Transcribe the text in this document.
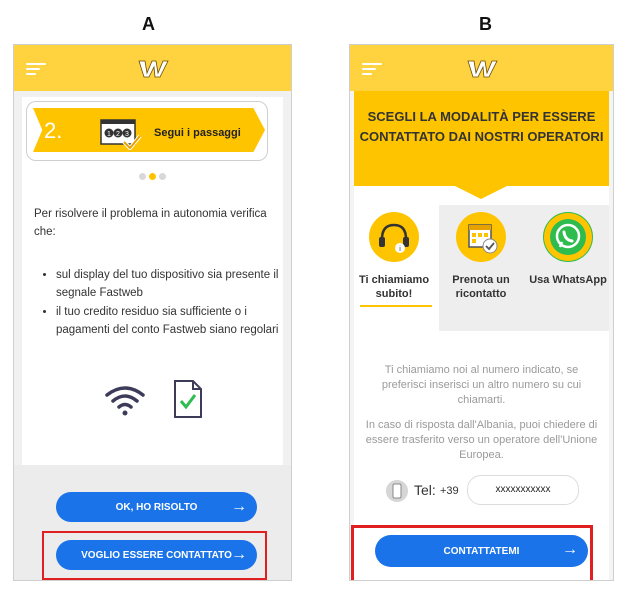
A	B
2.	1 2 3 Segui i passaggi
Per risolvere il problema in autonomia verifica che:
• sul display del tuo dispositivo sia presente il segnale Fastweb
• il tuo credito residuo sia sufficiente o i pagamenti del conto Fastweb siano regolari
OK, HO RISOLTO →
VOGLIO ESSERE CONTATTATO →
SCEGLI LA MODALITÀ PER ESSERE CONTATTATO DAI NOSTRI OPERATORI
i
Ti chiamiamo subito!
Prenota un ricontatto
Usa WhatsApp
Ti chiamiamo noi al numero indicato, se preferisci inserisci un altro numero su cui chiamarti.
In caso di risposta dall'Albania, puoi chiedere di essere trasferito verso un operatore dell'Unione Europea.
Tel: +39	xxxxxxxxxxx
CONTATTATEMI	→
